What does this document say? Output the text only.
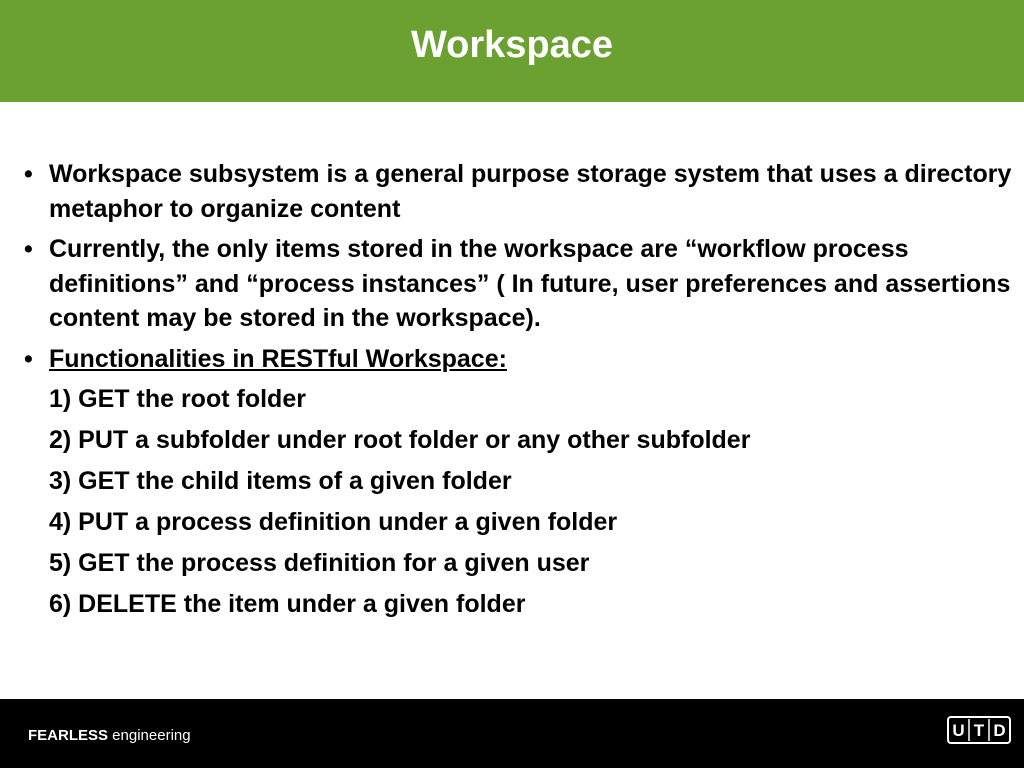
Workspace
• Workspace subsystem is a general purpose storage system that uses a directory metaphor to organize content
• Currently, the only items stored in the workspace are “workflow process definitions” and “process instances” ( In future, user preferences and assertions content may be stored in the workspace).
• Functionalities in RESTful Workspace:
1) GET the root folder
2) PUT a subfolder under root folder or any other subfolder
3) GET the child items of a given folder
4) PUT a process definition under a given folder
5) GET the process definition for a given user
6) DELETE the item under a given folder
FEARLESS engineering	U T D
